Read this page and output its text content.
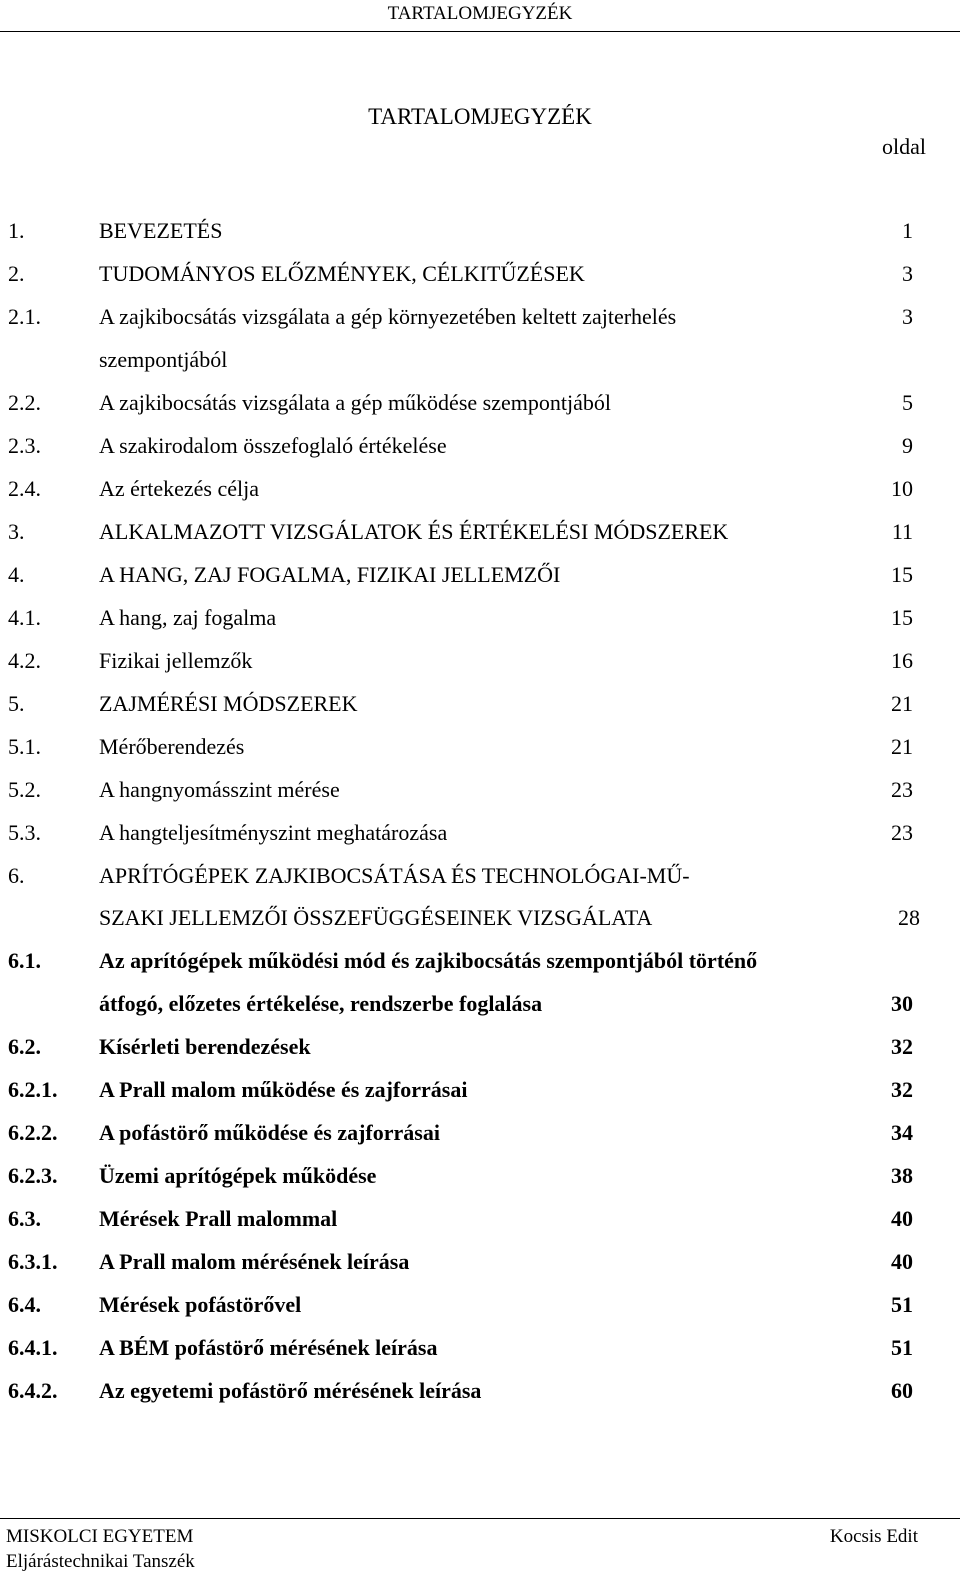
TARTALOMJEGYZÉK
TARTALOMJEGYZÉK
oldal
1.	BEVEZETÉS	1
2.	TUDOMÁNYOS ELŐZMÉNYEK, CÉLKITŰZÉSEK	3
2.1.	A zajkibocsátás vizsgálata a gép környezetében keltett zajterhelés	3
szempontjából
2.2.	A zajkibocsátás vizsgálata a gép működése szempontjából	5
2.3.	A szakirodalom összefoglaló értékelése	9
2.4.	Az értekezés célja	10
3.	ALKALMAZOTT VIZSGÁLATOK ÉS ÉRTÉKELÉSI MÓDSZEREK	11
4.	A HANG, ZAJ FOGALMA, FIZIKAI JELLEMZŐI	15
4.1.	A hang, zaj fogalma	15
4.2.	Fizikai jellemzők	16
5.	ZAJMÉRÉSI MÓDSZEREK	21
5.1.	Mérőberendezés	21
5.2.	A hangnyomásszint mérése	23
5.3.	A hangteljesítményszint meghatározása	23
6.	APRÍTÓGÉPEK ZAJKIBOCSÁTÁSA ÉS TECHNOLÓGAI-MŰ-
SZAKI JELLEMZŐI ÖSSZEFÜGGÉSEINEK VIZSGÁLATA	28
6.1.	Az aprítógépek működési mód és zajkibocsátás szempontjából történő
átfogó, előzetes értékelése, rendszerbe foglalása	30
6.2.	Kísérleti berendezések	32
6.2.1. A Prall malom működése és zajforrásai	32
6.2.2. A pofástörő működése és zajforrásai	34
6.2.3. Üzemi aprítógépek működése	38
6.3.	Mérések Prall malommal	40
6.3.1. A Prall malom mérésének leírása	40
6.4.	Mérések pofástörővel	51
6.4.1. A BÉM pofástörő mérésének leírása	51
6.4.2. Az egyetemi pofástörő mérésének leírása	60
MISKOLCI EGYETEM
Eljárástechnikai Tanszék
Kocsis Edit
